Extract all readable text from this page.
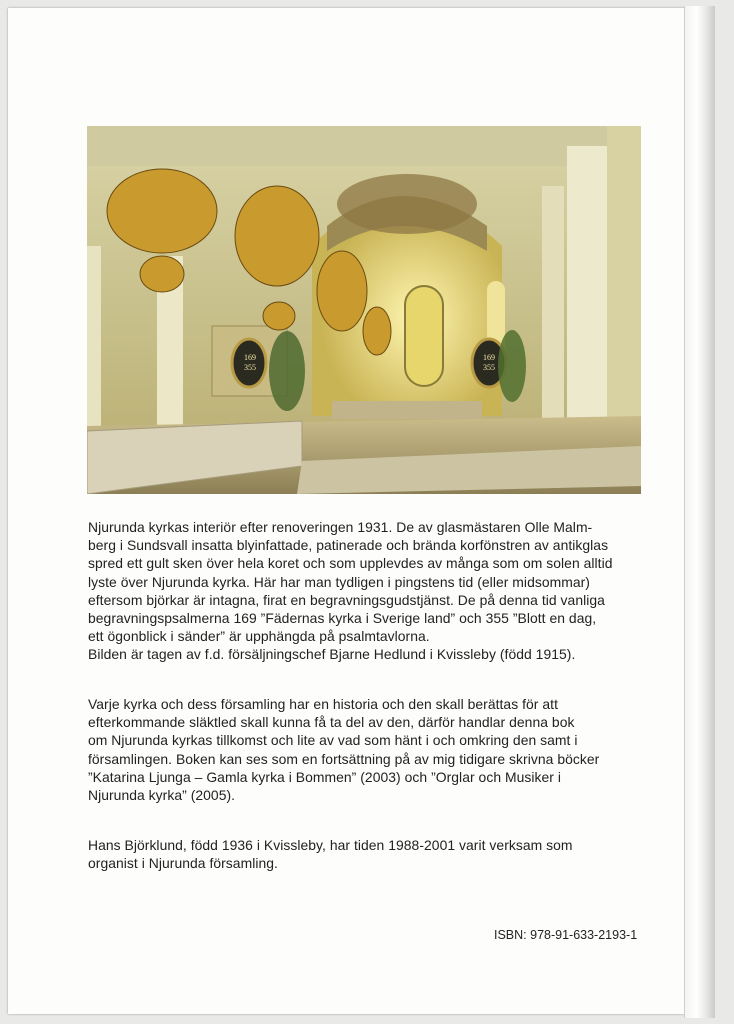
169
355
169
355
Njurunda kyrkas interiör efter renoveringen 1931. De av glasmästaren Olle Malm-
berg i Sundsvall insatta blyinfattade, patinerade och brända korfönstren av antikglas
spred ett gult sken över hela koret och som upplevdes av många som om solen alltid
lyste över Njurunda kyrka. Här har man tydligen i pingstens tid (eller midsommar)
eftersom björkar är intagna, firat en begravningsgudstjänst. De på denna tid vanliga
begravningspsalmerna 169 ”Fädernas kyrka i Sverige land” och 355 ”Blott en dag,
ett ögonblick i sänder” är upphängda på psalmtavlorna.
Bilden är tagen av f.d. försäljningschef Bjarne Hedlund i Kvissleby (född 1915).
Varje kyrka och dess församling har en historia och den skall berättas för att
efterkommande släktled skall kunna få ta del av den, därför handlar denna bok
om Njurunda kyrkas tillkomst och lite av vad som hänt i och omkring den samt i
församlingen. Boken kan ses som en fortsättning på av mig tidigare skrivna böcker
”Katarina Ljunga – Gamla kyrka i Bommen” (2003) och ”Orglar och Musiker i
Njurunda kyrka” (2005).
Hans Björklund, född 1936 i Kvissleby, har tiden 1988-2001 varit verksam som
organist i Njurunda församling.
ISBN: 978-91-633-2193-1
